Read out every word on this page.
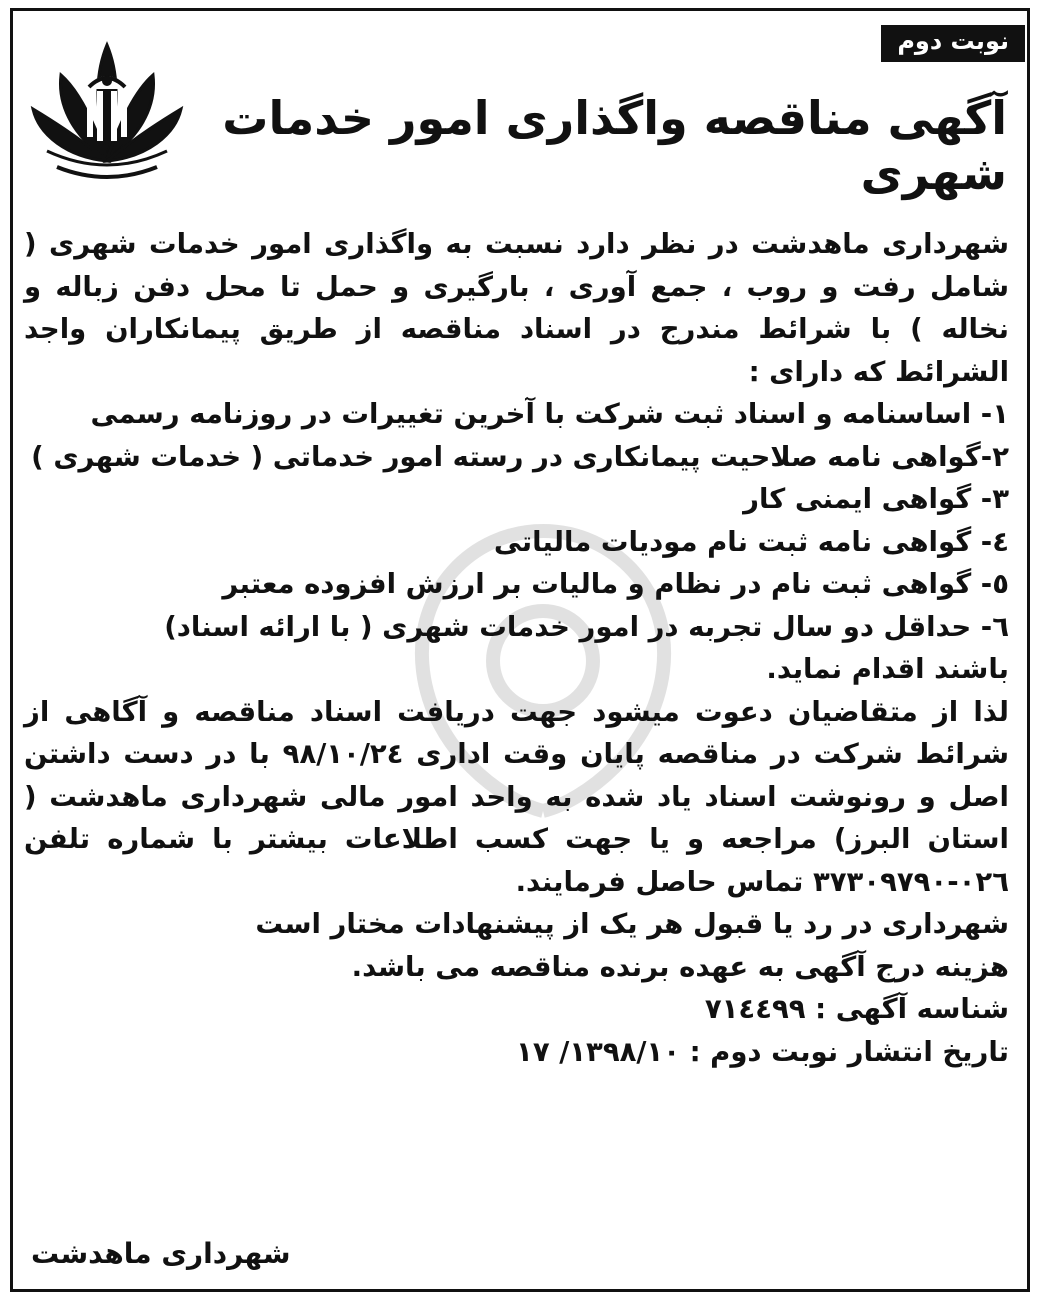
نوبت دوم
آگهی مناقصه واگذاری امور خدمات شهری

شهرداری ماهدشت در نظر دارد نسبت به واگذاری امور خدمات شهری ( شامل رفت و روب ، جمع آوری ، بارگیری و حمل تا محل دفن زباله و نخاله ) با شرائط مندرج در اسناد مناقصه از طریق پیمانکاران واجد الشرائط که دارای :

۱- اساسنامه و اسناد ثبت شرکت با آخرین تغییرات در روزنامه رسمی
۲-گواهی نامه صلاحیت پیمانکاری در رسته امور خدماتی ( خدمات شهری )
۳- گواهی ایمنی کار
٤- گواهی نامه ثبت نام مودیات مالیاتی
٥- گواهی ثبت نام در نظام و مالیات بر ارزش افزوده معتبر
٦- حداقل دو سال تجربه در امور خدمات شهری ( با ارائه اسناد)
باشند اقدام نماید.

لذا از متقاضیان دعوت میشود جهت دریافت اسناد مناقصه و آگاهی از شرائط شرکت در مناقصه پایان وقت اداری ۹۸/۱۰/۲٤ با در دست داشتن اصل و رونوشت اسناد یاد شده به واحد امور مالی شهرداری ماهدشت ( استان البرز) مراجعه و یا جهت کسب اطلاعات بیشتر با شماره تلفن ۰۲٦-۳۷۳۰۹۷۹۰ تماس حاصل فرمایند.

شهرداری در رد یا قبول هر یک از پیشنهادات مختار است
هزینه درج آگهی به عهده برنده مناقصه می باشد.
شناسه آگهی : ۷۱٤٤۹۹
تاریخ انتشار نوبت دوم : ۱۳۹۸/۱۰/ ۱۷
شهرداری ماهدشت
